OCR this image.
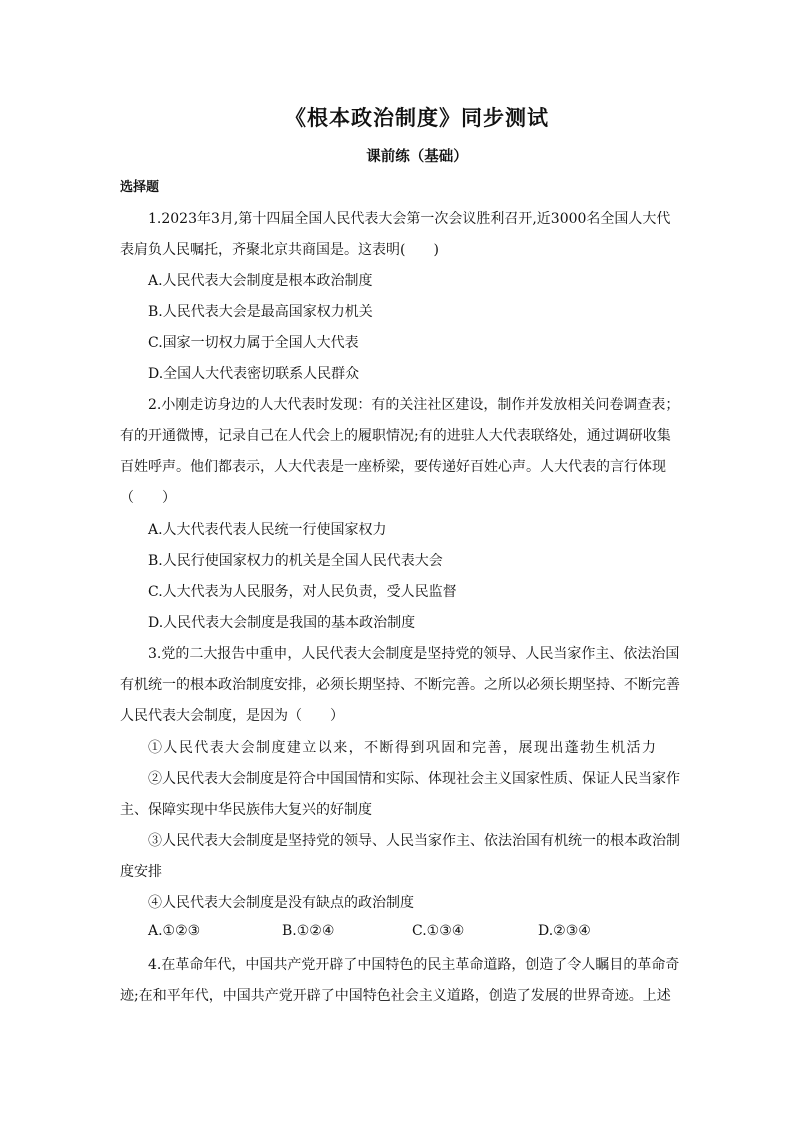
《根本政治制度》同步测试
课前练（基础）
选择题
1.2023年3月,第十四届全国人民代表大会第一次会议胜利召开,近3000名全国人大代
表肩负人民嘱托，齐聚北京共商国是。这表明(　　)
A.人民代表大会制度是根本政治制度
B.人民代表大会是最高国家权力机关
C.国家一切权力属于全国人大代表
D.全国人大代表密切联系人民群众
2.小刚走访身边的人大代表时发现：有的关注社区建设，制作并发放相关问卷调查表；
有的开通微博，记录自己在人代会上的履职情况;有的进驻人大代表联络处，通过调研收集
百姓呼声。他们都表示，人大代表是一座桥梁，要传递好百姓心声。人大代表的言行体现
（　　）
A.人大代表代表人民统一行使国家权力
B.人民行使国家权力的机关是全国人民代表大会
C.人大代表为人民服务，对人民负责，受人民监督
D.人民代表大会制度是我国的基本政治制度
3.党的二大报告中重申，人民代表大会制度是坚持党的领导、人民当家作主、依法治国
有机统一的根本政治制度安排，必须长期坚持、不断完善。之所以必须长期坚持、不断完善
人民代表大会制度，是因为（　　）
①人民代表大会制度建立以来，不断得到巩固和完善，展现出蓬勃生机活力
②人民代表大会制度是符合中国国情和实际、体现社会主义国家性质、保证人民当家作
主、保障实现中华民族伟大复兴的好制度
③人民代表大会制度是坚持党的领导、人民当家作主、依法治国有机统一的根本政治制
度安排
④人民代表大会制度是没有缺点的政治制度
A.①②③	B.①②④	C.①③④	D.②③④
4.在革命年代，中国共产党开辟了中国特色的民主革命道路，创造了令人瞩目的革命奇
迹;在和平年代，中国共产党开辟了中国特色社会主义道路，创造了发展的世界奇迹。上述
